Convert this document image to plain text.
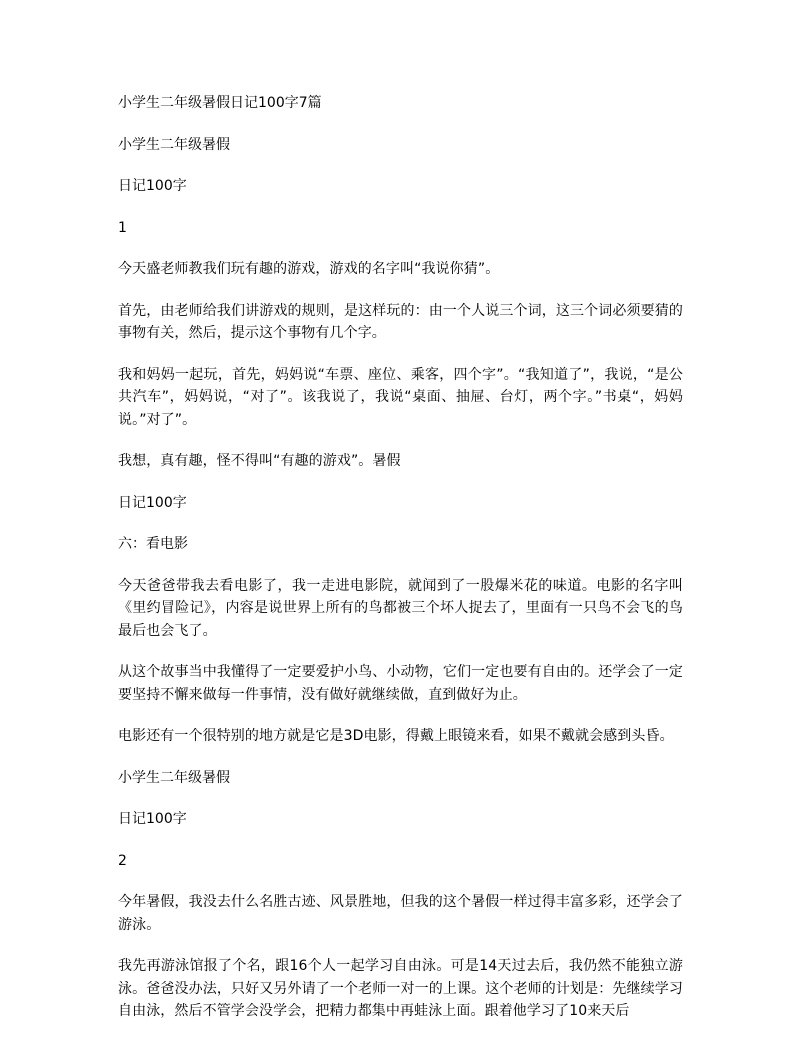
小学生二年级暑假日记100字7篇

小学生二年级暑假

日记100字

1

今天盛老师教我们玩有趣的游戏，游戏的名字叫“我说你猜”。

首先，由老师给我们讲游戏的规则，是这样玩的：由一个人说三个词，这三个词必须要猜的事物有关，然后，提示这个事物有几个字。

我和妈妈一起玩，首先，妈妈说“车票、座位、乘客，四个字”。“我知道了”，我说，“是公共汽车”，妈妈说，“对了”。该我说了，我说“桌面、抽屉、台灯，两个字。”书桌“，妈妈说。”对了”。

我想，真有趣，怪不得叫“有趣的游戏”。暑假

日记100字

六：看电影

今天爸爸带我去看电影了，我一走进电影院，就闻到了一股爆米花的味道。电影的名字叫《里约冒险记》，内容是说世界上所有的鸟都被三个坏人捉去了，里面有一只鸟不会飞的鸟最后也会飞了。

从这个故事当中我懂得了一定要爱护小鸟、小动物，它们一定也要有自由的。还学会了一定要坚持不懈来做每一件事情，没有做好就继续做，直到做好为止。

电影还有一个很特别的地方就是它是3D电影，得戴上眼镜来看，如果不戴就会感到头昏。

小学生二年级暑假

日记100字

2

今年暑假，我没去什么名胜古迹、风景胜地，但我的这个暑假一样过得丰富多彩，还学会了游泳。

我先再游泳馆报了个名，跟16个人一起学习自由泳。可是14天过去后，我仍然不能独立游泳。爸爸没办法，只好又另外请了一个老师一对一的上课。这个老师的计划是：先继续学习自由泳，然后不管学会没学会，把精力都集中再蛙泳上面。跟着他学习了10来天后
